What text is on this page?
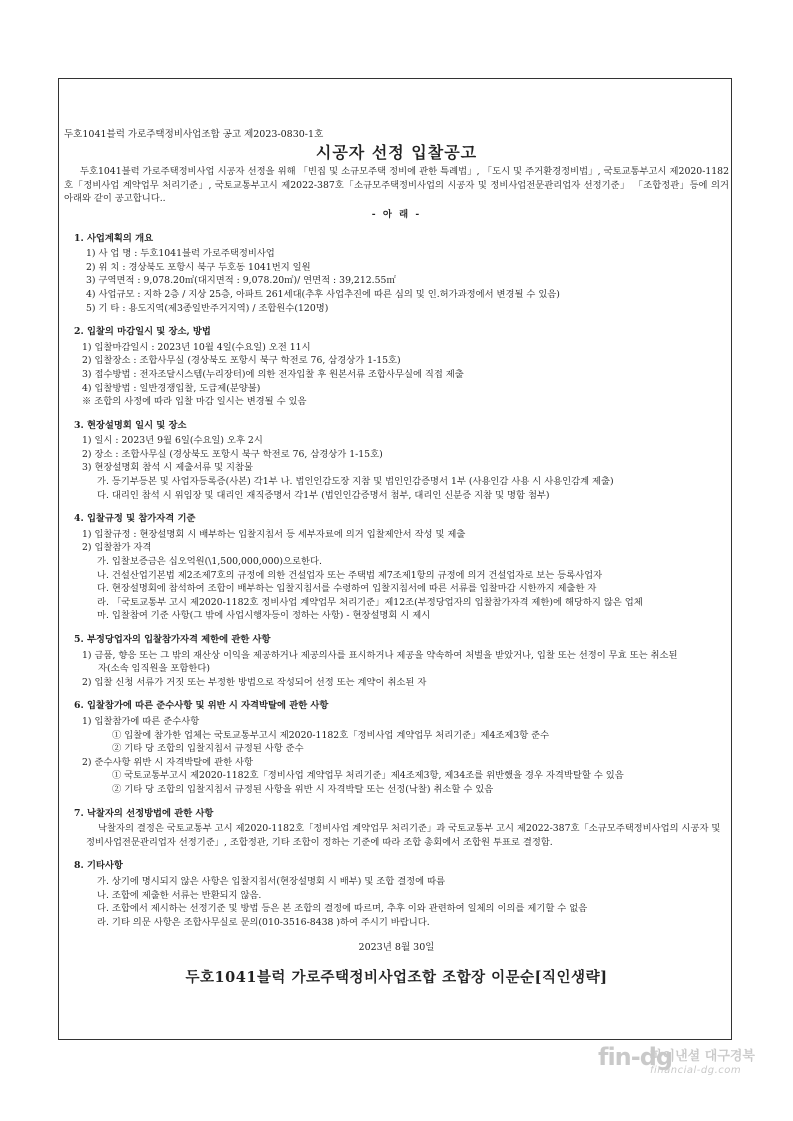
두호1041블럭 가로주택정비사업조합 공고 제2023-0830-1호
시공자 선정 입찰공고
두호1041블럭 가로주택정비사업 시공자 선정을 위해 「빈집 및 소규모주택 정비에 관한 특례법」, 「도시 및 주거환경정비법」, 국토교통부고시 제2020-1182호「정비사업 계약업무 처리기준」, 국토교통부고시 제2022-387호「소규모주택정비사업의 시공자 및 정비사업전문관리업자 선정기준」 「조합정관」등에 의거 아래와 같이 공고합니다..
- 아 래 -
1. 사업계획의 개요
1) 사 업 명 : 두호1041블럭 가로주택정비사업
2) 위 치 : 경상북도 포항시 북구 두호동 1041번지 일원
3) 구역면적 : 9,078.20㎡(대지면적 : 9,078.20㎡)/ 연면적 : 39,212.55㎡
4) 사업규모 : 지하 2층 / 지상 25층, 아파트 261세대(추후 사업추진에 따른 심의 및 인.허가과정에서 변경될 수 있음)
5) 기 타 : 용도지역(제3종일반주거지역) / 조합원수(120명)
2. 입찰의 마감일시 및 장소, 방법
1) 입찰마감일시 : 2023년 10월 4일(수요일) 오전 11시
2) 입찰장소 : 조합사무실 (경상북도 포항시 북구 학전로 76, 삼경상가 1-15호)
3) 접수방법 : 전자조달시스템(누리장터)에 의한 전자입찰 후 원본서류 조합사무실에 직접 제출
4) 입찰방법 : 일반경쟁입찰, 도급제(분양불)
※ 조합의 사정에 따라 입찰 마감 일시는 변경될 수 있음
3. 현장설명회 일시 및 장소
1) 일시 : 2023년 9월 6일(수요일) 오후 2시
2) 장소 : 조합사무실 (경상북도 포항시 북구 학전로 76, 삼경상가 1-15호)
3) 현장설명회 참석 시 제출서류 및 지참물
가. 등기부등본 및 사업자등록증(사본) 각1부 나. 법인인감도장 지참 및 법인인감증명서 1부 (사용인감 사용 시 사용인감계 제출)
다. 대리인 참석 시 위임장 및 대리인 재직증명서 각1부 (법인인감증명서 첨부, 대리인 신분증 지참 및 명함 첨부)
4. 입찰규정 및 참가자격 기준
1) 입찰규정 : 현장설명회 시 배부하는 입찰지침서 등 세부자료에 의거 입찰제안서 작성 및 제출
2) 입찰참가 자격
가. 입찰보증금은 십오억원(\1,500,000,000)으로한다.
나. 건설산업기본법 제2조제7호의 규정에 의한 건설업자 또는 주택법 제7조제1항의 규정에 의거 건설업자로 보는 등록사업자
다. 현장설명회에 참석하여 조합이 배부하는 입찰지침서를 수령하여 입찰지침서에 따른 서류를 입찰마감 시한까지 제출한 자
라. 「국토교통부 고시 제2020-1182호 정비사업 계약업무 처리기준」제12조(부정당업자의 입찰참가자격 제한)에 해당하지 않은 업체
마. 입찰참여 기준 사항(그 밖에 사업시행자등이 정하는 사항) - 현장설명회 시 제시
5. 부정당업자의 입찰참가자격 제한에 관한 사항
1) 금품, 향응 또는 그 밖의 재산상 이익을 제공하거나 제공의사를 표시하거나 제공을 약속하여 처벌을 받았거나, 입찰 또는 선정이 무효 또는 취소된
자(소속 임직원을 포함한다)
2) 입찰 신청 서류가 거짓 또는 부정한 방법으로 작성되어 선정 또는 계약이 취소된 자
6. 입찰참가에 따른 준수사항 및 위반 시 자격박탈에 관한 사항
1) 입찰참가에 따른 준수사항
① 입찰에 참가한 업체는 국토교통부고시 제2020-1182호「정비사업 계약업무 처리기준」제4조제3항 준수
② 기타 당 조합의 입찰지침서 규정된 사항 준수
2) 준수사항 위반 시 자격박탈에 관한 사항
① 국토교통부고시 제2020-1182호「정비사업 계약업무 처리기준」제4조제3항, 제34조를 위반했을 경우 자격박탈할 수 있음
② 기타 당 조합의 입찰지침서 규정된 사항을 위반 시 자격박탈 또는 선정(낙찰) 취소할 수 있음
7. 낙찰자의 선정방법에 관한 사항
낙찰자의 결정은 국토교통부 고시 제2020-1182호「정비사업 계약업무 처리기준」과 국토교통부 고시 제2022-387호「소규모주택정비사업의 시공자 및 정비사업전문관리업자 선정기준」, 조합정관, 기타 조합이 정하는 기준에 따라 조합 총회에서 조합원 투표로 결정함.
8. 기타사항
가. 상기에 명시되지 않은 사항은 입찰지침서(현장설명회 시 배부) 및 조합 결정에 따름
나. 조합에 제출한 서류는 반환되지 않음.
다. 조합에서 제시하는 선정기준 및 방법 등은 본 조합의 결정에 따르며, 추후 이와 관련하여 일체의 이의를 제기할 수 없음
라. 기타 의문 사항은 조합사무실로 문의(010-3516-8438 )하여 주시기 바랍니다.
2023년 8월 30일
두호1041블럭 가로주택정비사업조합 조합장 이문순[직인생략]
fin-dg
파이낸셜 대구경북
financial-dg.com
